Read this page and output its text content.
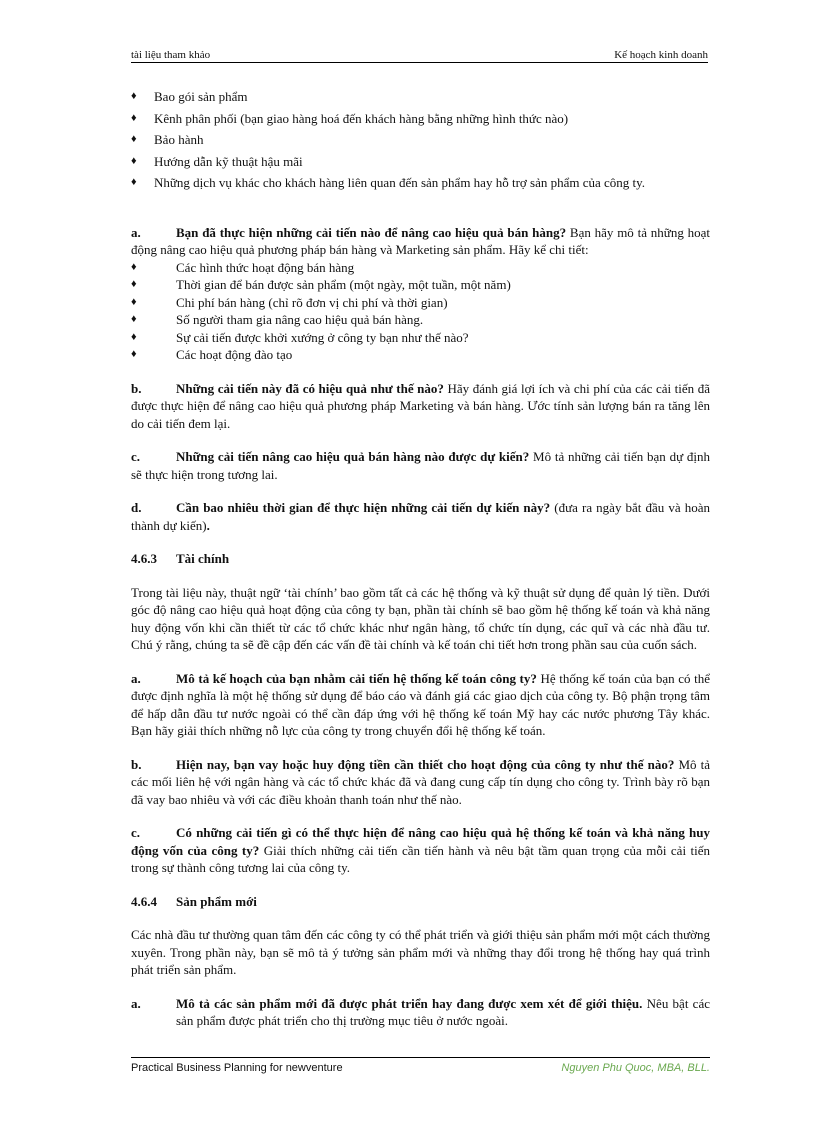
tài liệu tham khảo	Kế hoạch kinh doanh
♦ Bao gói sản phẩm
♦ Kênh phân phối (bạn giao hàng hoá đến khách hàng bằng những hình thức nào)
♦ Bảo hành
♦ Hướng dẫn kỹ thuật hậu mãi
♦ Những dịch vụ khác cho khách hàng liên quan đến sản phẩm hay hỗ trợ sản phẩm của công ty.

a.	Bạn đã thực hiện những cải tiến nào để nâng cao hiệu quả bán hàng? Bạn hãy mô tả những hoạt động nâng cao hiệu quả phương pháp bán hàng và Marketing sản phẩm. Hãy kể chi tiết:

♦	Các hình thức hoạt động bán hàng
♦	Thời gian để bán được sản phẩm (một ngày, một tuần, một năm)
♦	Chi phí bán hàng (chỉ rõ đơn vị chi phí và thời gian)
♦	Số người tham gia nâng cao hiệu quả bán hàng.
♦	Sự cải tiến được khởi xướng ở công ty bạn như thế nào?
♦	Các hoạt động đào tạo

b.	Những cải tiến này đã có hiệu quả như thế nào? Hãy đánh giá lợi ích và chi phí của các cải tiến đã được thực hiện để nâng cao hiệu quả phương pháp Marketing và bán hàng. Ước tính sản lượng bán ra tăng lên do cải tiến đem lại.

c.	Những cải tiến nâng cao hiệu quả bán hàng nào được dự kiến? Mô tả những cải tiến bạn dự định sẽ thực hiện trong tương lai.

d.	Cần bao nhiêu thời gian để thực hiện những cải tiến dự kiến này? (đưa ra ngày bắt đầu và hoàn thành dự kiến).

4.6.3 Tài chính

Trong tài liệu này, thuật ngữ ‘tài chính’ bao gồm tất cả các hệ thống và kỹ thuật sử dụng để quản lý tiền. Dưới góc độ nâng cao hiệu quả hoạt động của công ty bạn, phần tài chính sẽ bao gồm hệ thống kế toán và khả năng huy động vốn khi cần thiết từ các tổ chức khác như ngân hàng, tổ chức tín dụng, các quĩ và các nhà đầu tư. Chú ý rằng, chúng ta sẽ đề cập đến các vấn đề tài chính và kế toán chi tiết hơn trong phần sau của cuốn sách.

a.	Mô tả kế hoạch của bạn nhằm cải tiến hệ thống kế toán công ty? Hệ thống kế toán của bạn có thể được định nghĩa là một hệ thống sử dụng để báo cáo và đánh giá các giao dịch của công ty. Bộ phận trọng tâm để hấp dẫn đầu tư nước ngoài có thể cần đáp ứng với hệ thống kế toán Mỹ hay các nước phương Tây khác. Bạn hãy giải thích những nỗ lực của công ty trong chuyển đổi hệ thống kế toán.

b.	Hiện nay, bạn vay hoặc huy động tiền cần thiết cho hoạt động của công ty như thế nào? Mô tả các mối liên hệ với ngân hàng và các tổ chức khác đã và đang cung cấp tín dụng cho công ty. Trình bày rõ bạn đã vay bao nhiêu và với các điều khoản thanh toán như thế nào.

c.	Có những cải tiến gì có thể thực hiện để nâng cao hiệu quả hệ thống kế toán và khả năng huy động vốn của công ty? Giải thích những cải tiến cần tiến hành và nêu bật tầm quan trọng của mỗi cải tiến trong sự thành công tương lai của công ty.

4.6.4 Sản phẩm mới

Các nhà đầu tư thường quan tâm đến các công ty có thể phát triển và giới thiệu sản phẩm mới một cách thường xuyên. Trong phần này, bạn sẽ mô tả ý tưởng sản phẩm mới và những thay đổi trong hệ thống hay quá trình phát triển sản phẩm.

a.	Mô tả các sản phẩm mới đã được phát triển hay đang được xem xét để giới thiệu. Nêu bật các sản phẩm được phát triển cho thị trường mục tiêu ở nước ngoài.
Practical Business Planning for newventure	Nguyen Phu Quoc, MBA, BLL.
